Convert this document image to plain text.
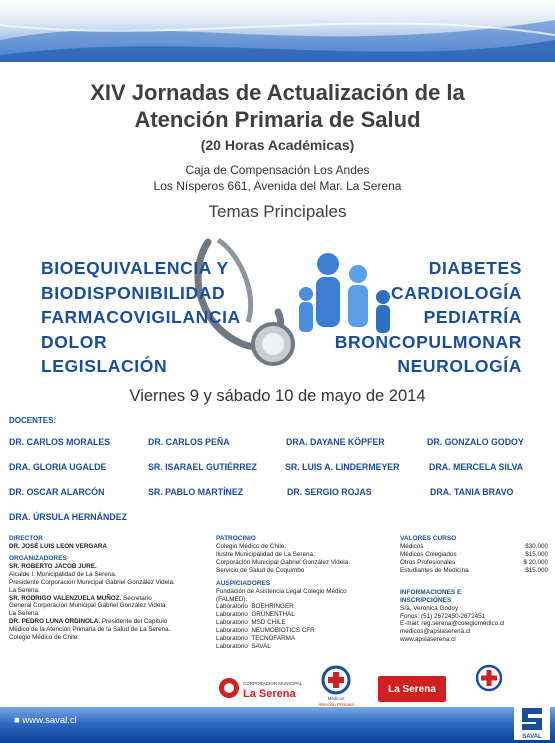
XIV Jornadas de Actualización de la
Atención Primaria de Salud
(20 Horas Académicas)
Caja de Compensación Los Andes
Los Nísperos 661, Avenida del Mar. La Serena
Temas Principales
BIOEQUIVALENCIA Y
BIODISPONIBILIDAD
FARMACOVIGILANCIA
DOLOR
LEGISLACIÓN
DIABETES
CARDIOLOGÍA
PEDIATRÍA
BRONCOPULMONAR
NEUROLOGÍA
Viernes 9 y sábado 10 de mayo de 2014
DOCENTES:
DR. CARLOS MORALES	DR. CARLOS PEÑA	DRA. DAYANE KÖPFER	DR. GONZALO GODOY
DRA. GLORIA UGALDE	SR. ISARAEL GUTIÉRREZ	SR. LUIS A. LINDERMEYER	DRA. MERCELA SILVA
DR. OSCAR ALARCÓN	SR. PABLO MARTÍNEZ	DR. SERGIO ROJAS	DRA. TANIA BRAVO
DRA. ÚRSULA HERNÁNDEZ
DIRECTOR
DR. JOSÉ LUIS LEON VERGARA
ORGANIZADORES
SR. ROBERTO JACOB JURE.
Alcalde I. Municipalidad de La Serena.
Presidente Corporación Municipal Gabriel González Videla.
La Serena.
SR. RODRIGO VALENZUELA MUÑOZ. Secretario
General Corporación Municipal Gabriel González Videla.
La Serena.
DR. PEDRO LUNA ORDINOLA. Presidente del Capítulo
Médico de la Atención Primaria de la Salud de La Serena.
Colegio Médico de Chile.
PATROCINIO
Colegio Médico de Chile.
Ilustre Municipalidad de La Serena.
Corporación Municipal Gabriel González Videla.
Servicio de Salud de Coquimbo
AUSPICIADORES
Fundación de Asistencia Legal Colegio Médico
(FALMED).
Laboratorio BOEHRINGER
Laboratorio GRÜNENTHAL
Laboratorio MSD CHILE
Laboratorio NEUMOBIOTICS CFR
Laboratorio TECNOFARMA
Laboratorio SAVAL
VALORES CURSO
Médicos	$30.000
Médicos Colegiados	$15.000
Otros Profesionales	$ 20.000
Estudiantes de Medicina	$15.000
INFORMACIONES E
INSCRIPCIONES
Sra. Verónica Godoy
Fonos: (51) 2672450-2672451
E-mail: reg.serena@colegiomedico.cl
medicos@apslaserena.cl
www.apslaserena.cl
CORPORACION MUNICIPAL
La Serena	Médicos
Atención Primaria
La Serena
■ www.saval.cl
SAVAL
